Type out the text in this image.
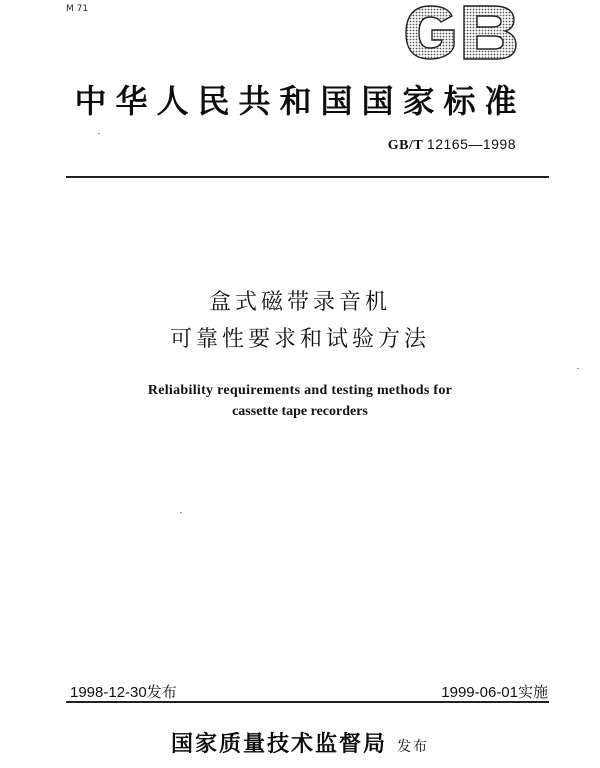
M 71
中华人民共和国国家标准
GB/T 12165—1998
盒式磁带录音机
可靠性要求和试验方法
Reliability requirements and testing methods for
cassette tape recorders
1998-12-30发布	1999-06-01实施
国家质量技术监督局 发布
